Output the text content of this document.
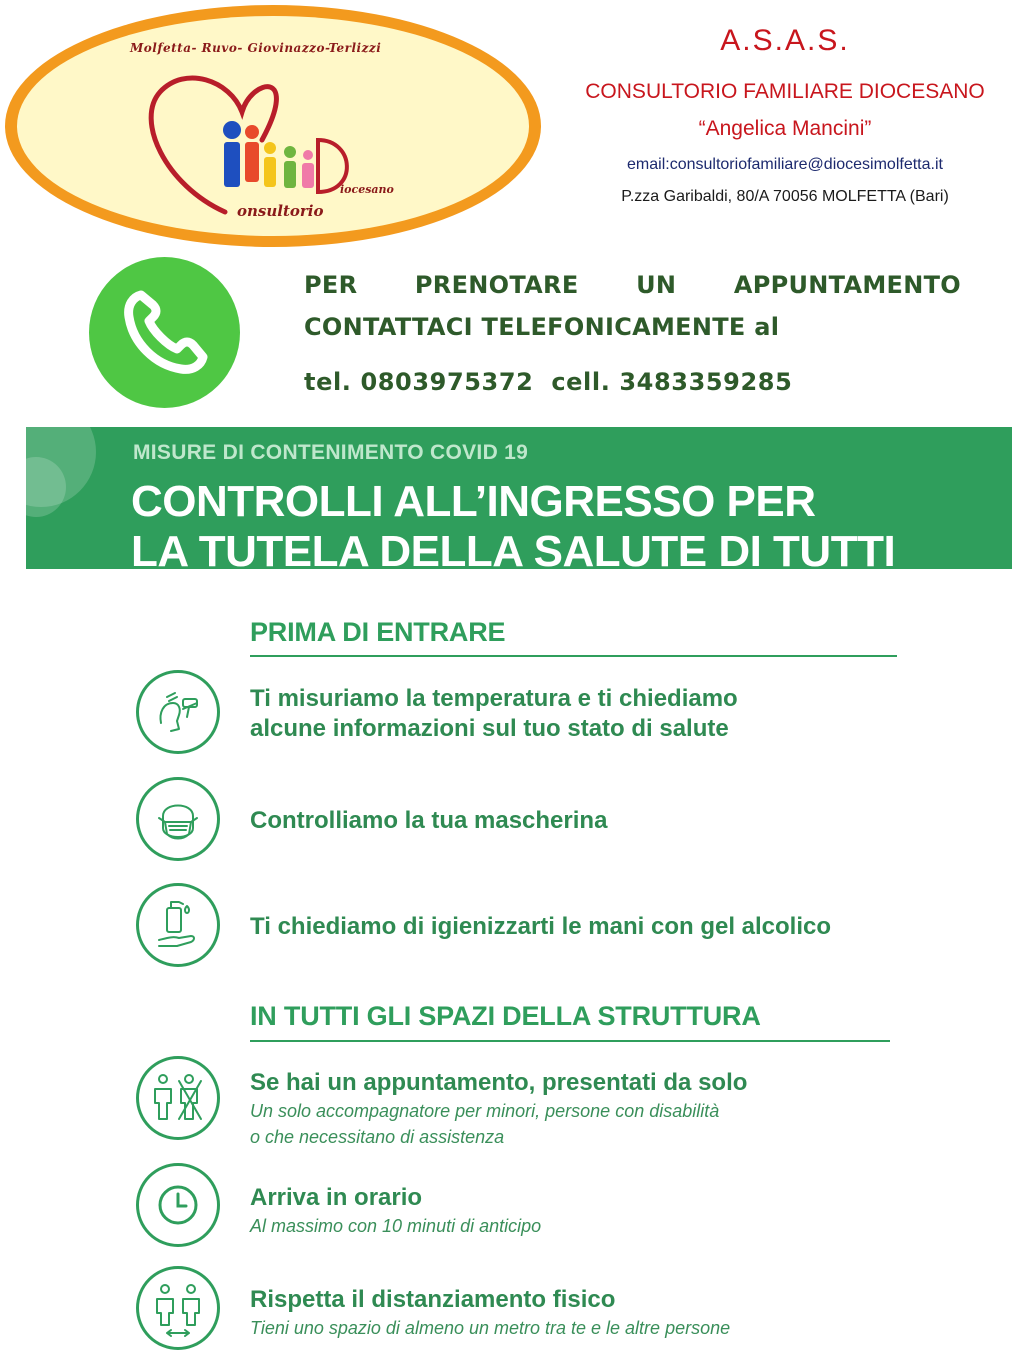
Molfetta- Ruvo- Giovinazzo-Terlizzi
iocesano
onsultorio
A.S.A.S.
CONSULTORIO FAMILIARE DIOCESANO
“Angelica Mancini”
email:consultoriofamiliare@diocesimolfetta.it
P.zza Garibaldi, 80/A 70056 MOLFETTA (Bari)
PER PRENOTARE UN APPUNTAMENTO
CONTATTACI TELEFONICAMENTE al
tel. 0803975372  cell. 3483359285
MISURE DI CONTENIMENTO COVID 19
CONTROLLI ALL’INGRESSO PER
LA TUTELA DELLA SALUTE DI TUTTI
PRIMA DI ENTRARE
Ti misuriamo la temperatura e ti chiediamo
alcune informazioni sul tuo stato di salute
Controlliamo la tua mascherina
Ti chiediamo di igienizzarti le mani con gel alcolico
IN TUTTI GLI SPAZI DELLA STRUTTURA
Se hai un appuntamento, presentati da solo
Un solo accompagnatore per minori, persone con disabilità
o che necessitano di assistenza
Arriva in orario
Al massimo con 10 minuti di anticipo
Rispetta il distanziamento fisico
Tieni uno spazio di almeno un metro tra te e le altre persone
